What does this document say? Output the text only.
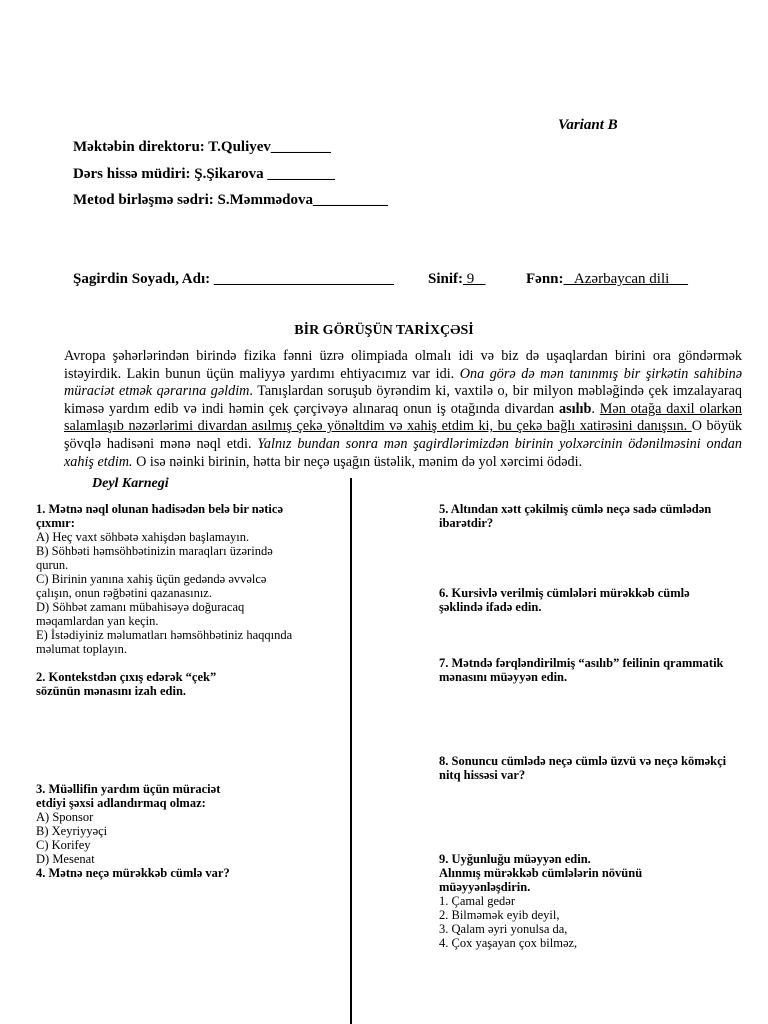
Variant B
Məktəbin direktoru: T.Quliyev________
Dərs hissə müdiri: Ş.Şikarova _________
Metod birləşmə sədri: S.Məmmədova__________
Şagirdin Soyadı, Adı: ________________________ Sinif: 9	Fənn:   Azərbaycan dili
BİR GÖRÜŞÜN TARİXÇƏSİ
Avropa şəhərlərindən birində fizika fənni üzrə olimpiada olmalı idi və biz də uşaqlardan birini ora göndərmək istəyirdik. Lakin bunun üçün maliyyə yardımı ehtiyacımız var idi. Ona görə də mən tanınmış bir şirkətin sahibinə müraciət etmək qərarına gəldim. Tanışlardan soruşub öyrəndim ki, vaxtilə o, bir milyon məbləğində çek imzalayaraq kiməsə yardım edib və indi həmin çek çərçivəyə alınaraq onun iş otağında divardan asılıb. Mən otağa daxil olarkən salamlaşıb nəzərlərimi divardan asılmış çekə yönəltdim və xahiş etdim ki, bu çekə bağlı xatirəsini danışsın. O böyük şövqlə hadisəni mənə nəql etdi. Yalnız bundan sonra mən şagirdlərimizdən birinin yolxərcinin ödənilməsini ondan xahiş etdim. O isə nəinki birinin, hətta bir neçə uşağın üstəlik, mənim də yol xərcimi ödədi.
Deyl Karnegi
1. Mətnə nəql olunan hadisədən belə bir nəticə çıxmır:
A) Heç vaxt söhbətə xahişdən başlamayın.
B) Söhbəti həmsöhbətinizin maraqları üzərində qurun.
C) Birinin yanına xahiş üçün gedəndə əvvəlcə çalışın, onun rəğbətini qazanasınız.
D) Söhbət zamanı mübahisəyə doğuracaq məqamlardan yan keçin.
E) İstədiyiniz məlumatları həmsöhbətiniz haqqında məlumat toplayın.
2. Kontekstdən çıxış edərək “çek” sözünün mənasını izah edin.
3. Müəllifin yardım üçün müraciət etdiyi şəxsi adlandırmaq olmaz:
A) Sponsor
B) Xeyriyyəçi
C) Korifey
D) Mesenat
4. Mətnə neçə mürəkkəb cümlə var?
5. Altından xətt çəkilmiş cümlə neçə sadə cümlədən ibarətdir?
6. Kursivlə verilmiş cümlələri mürəkkəb cümlə şəklində ifadə edin.
7. Mətndə fərqləndirilmiş “asılıb” feilinin qrammatik mənasını müəyyən edin.
8. Sonuncu cümlədə neçə cümlə üzvü və neçə köməkçi nitq hissəsi var?
9. Uyğunluğu müəyyən edin.
Alınmış mürəkkəb cümlələrin növünü müəyyənləşdirin.
1. Çamal gedər
2. Bilməmək eyib deyil,
3. Qalam əyri yonulsa da,
4. Çox yaşayan çox bilməz,
